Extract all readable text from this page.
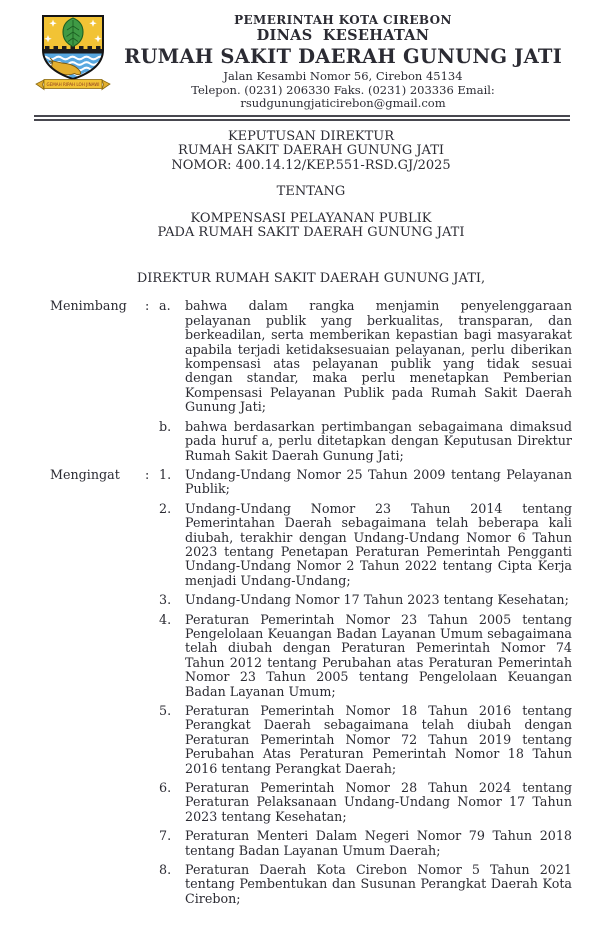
GEMAH RIPAH LOH JINAWI
PEMERINTAH KOTA CIREBON
DINAS KESEHATAN
RUMAH SAKIT DAERAH GUNUNG JATI
Jalan Kesambi Nomor 56, Cirebon 45134
Telepon. (0231) 206330 Faks. (0231) 203336 Email: rsudgunungjaticirebon@gmail.com
KEPUTUSAN DIREKTUR
RUMAH SAKIT DAERAH GUNUNG JATI
NOMOR: 400.14.12/KEP.551-RSD.GJ/2025
TENTANG
KOMPENSASI PELAYANAN PUBLIK
PADA RUMAH SAKIT DAERAH GUNUNG JATI
DIREKTUR RUMAH SAKIT DAERAH GUNUNG JATI,
Menimbang	: a.	bahwa dalam rangka menjamin penyelenggaraan pelayanan publik yang berkualitas, transparan, dan berkeadilan, serta memberikan kepastian bagi masyarakat apabila terjadi ketidaksesuaian pelayanan, perlu diberikan kompensasi atas pelayanan publik yang tidak sesuai dengan standar, maka perlu menetapkan Pemberian Kompensasi Pelayanan Publik pada Rumah Sakit Daerah Gunung Jati;
b.	bahwa berdasarkan pertimbangan sebagaimana dimaksud pada huruf a, perlu ditetapkan dengan Keputusan Direktur Rumah Sakit Daerah Gunung Jati;
Mengingat	: 1.	Undang-Undang Nomor 25 Tahun 2009 tentang Pelayanan Publik;
2.	Undang-Undang Nomor 23 Tahun 2014 tentang Pemerintahan Daerah sebagaimana telah beberapa kali diubah, terakhir dengan Undang-Undang Nomor 6 Tahun 2023 tentang Penetapan Peraturan Pemerintah Pengganti Undang-Undang Nomor 2 Tahun 2022 tentang Cipta Kerja menjadi Undang-Undang;
3.	Undang-Undang Nomor 17 Tahun 2023 tentang Kesehatan;
4.	Peraturan Pemerintah Nomor 23 Tahun 2005 tentang Pengelolaan Keuangan Badan Layanan Umum sebagaimana telah diubah dengan Peraturan Pemerintah Nomor 74 Tahun 2012 tentang Perubahan atas Peraturan Pemerintah Nomor 23 Tahun 2005 tentang Pengelolaan Keuangan Badan Layanan Umum;
5.	Peraturan Pemerintah Nomor 18 Tahun 2016 tentang Perangkat Daerah sebagaimana telah diubah dengan Peraturan Pemerintah Nomor 72 Tahun 2019 tentang Perubahan Atas Peraturan Pemerintah Nomor 18 Tahun 2016 tentang Perangkat Daerah;
6.	Peraturan Pemerintah Nomor 28 Tahun 2024 tentang Peraturan Pelaksanaan Undang-Undang Nomor 17 Tahun 2023 tentang Kesehatan;
7.	Peraturan Menteri Dalam Negeri Nomor 79 Tahun 2018 tentang Badan Layanan Umum Daerah;
8.	Peraturan Daerah Kota Cirebon Nomor 5 Tahun 2021 tentang Pembentukan dan Susunan Perangkat Daerah Kota Cirebon;
